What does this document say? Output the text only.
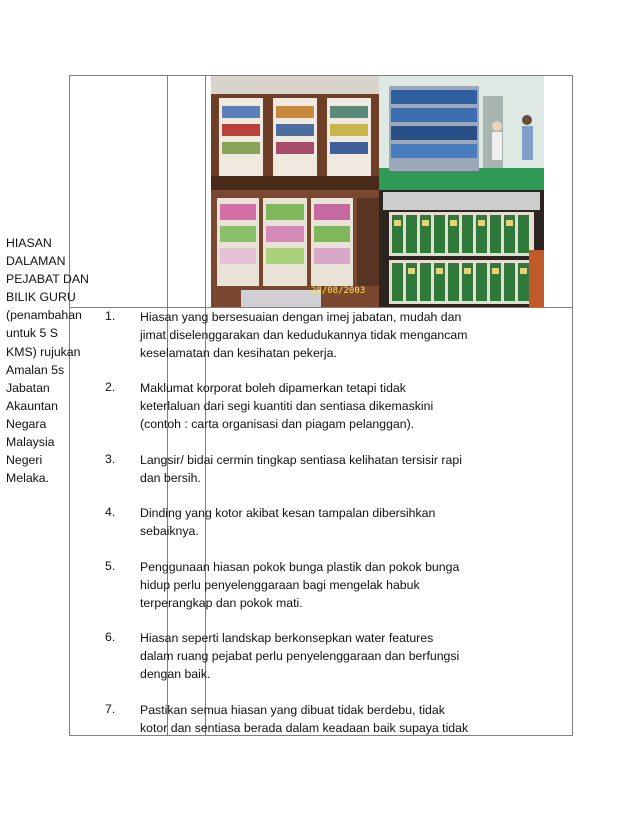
28/08/2003
HIASAN
DALAMAN
PEJABAT DAN
BILIK GURU
(penambahan
untuk 5 S
KMS) rujukan
Amalan 5s
Jabatan
Akauntan
Negara
Malaysia
Negeri
Melaka.
1. Hiasan yang bersesuaian dengan imej jabatan, mudah dan
jimat diselenggarakan dan kedudukannya tidak mengancam
keselamatan dan kesihatan pekerja.
2. Maklumat korporat boleh dipamerkan tetapi tidak
keterlaluan dari segi kuantiti dan sentiasa dikemaskini
(contoh : carta organisasi dan piagam pelanggan).
3. Langsir/ bidai cermin tingkap sentiasa kelihatan tersisir rapi
dan bersih.
4. Dinding yang kotor akibat kesan tampalan dibersihkan
sebaiknya.
5. Penggunaan hiasan pokok bunga plastik dan pokok bunga
hidup perlu penyelenggaraan bagi mengelak habuk
terperangkap dan pokok mati.
6. Hiasan seperti landskap berkonsepkan water features
dalam ruang pejabat perlu penyelenggaraan dan berfungsi
dengan baik.
7. Pastikan semua hiasan yang dibuat tidak berdebu, tidak
kotor dan sentiasa berada dalam keadaan baik supaya tidak
